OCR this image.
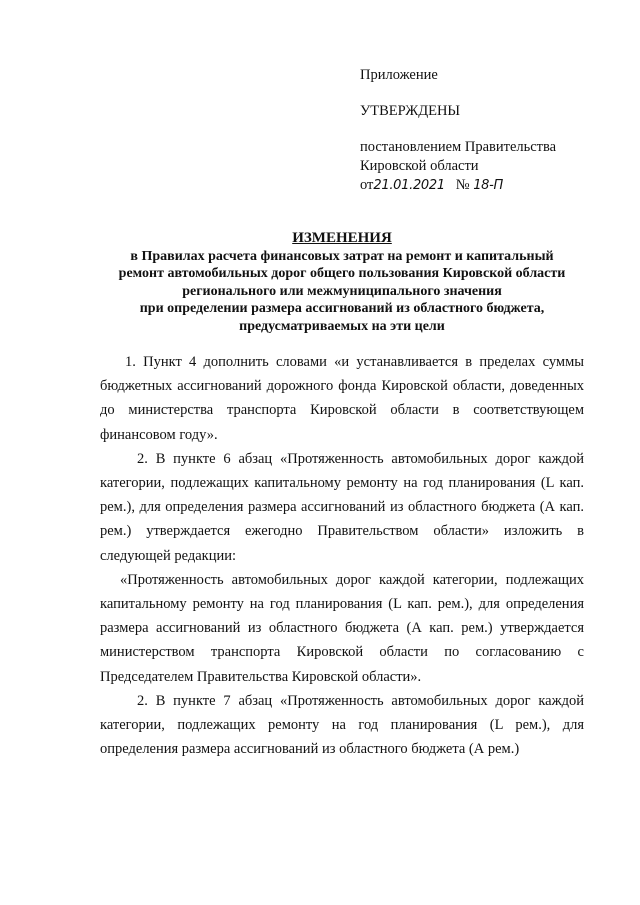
Приложение
УТВЕРЖДЕНЫ
постановлением Правительства
Кировской области
от21.01.2021 № 18-П
ИЗМЕНЕНИЯ
в Правилах расчета финансовых затрат на ремонт и капитальный
ремонт автомобильных дорог общего пользования Кировской области
регионального или межмуниципального значения
при определении размера ассигнований из областного бюджета,
предусматриваемых на эти цели

1. Пункт 4 дополнить словами «и устанавливается в пределах суммы бюджетных ассигнований дорожного фонда Кировской области, доведенных до министерства транспорта Кировской области в соответствующем финансовом году».

2. В пункте 6 абзац «Протяженность автомобильных дорог каждой категории, подлежащих капитальному ремонту на год планирования (L кап. рем.), для определения размера ассигнований из областного бюджета (А кап. рем.) утверждается ежегодно Правительством области» изложить в следующей редакции:

«Протяженность автомобильных дорог каждой категории, подлежащих капитальному ремонту на год планирования (L кап. рем.), для определения размера ассигнований из областного бюджета (А кап. рем.) утверждается министерством транспорта Кировской области по согласованию с Председателем Правительства Кировской области».

2. В пункте 7 абзац «Протяженность автомобильных дорог каждой категории, подлежащих ремонту на год планирования (L рем.), для определения размера ассигнований из областного бюджета (А рем.)
